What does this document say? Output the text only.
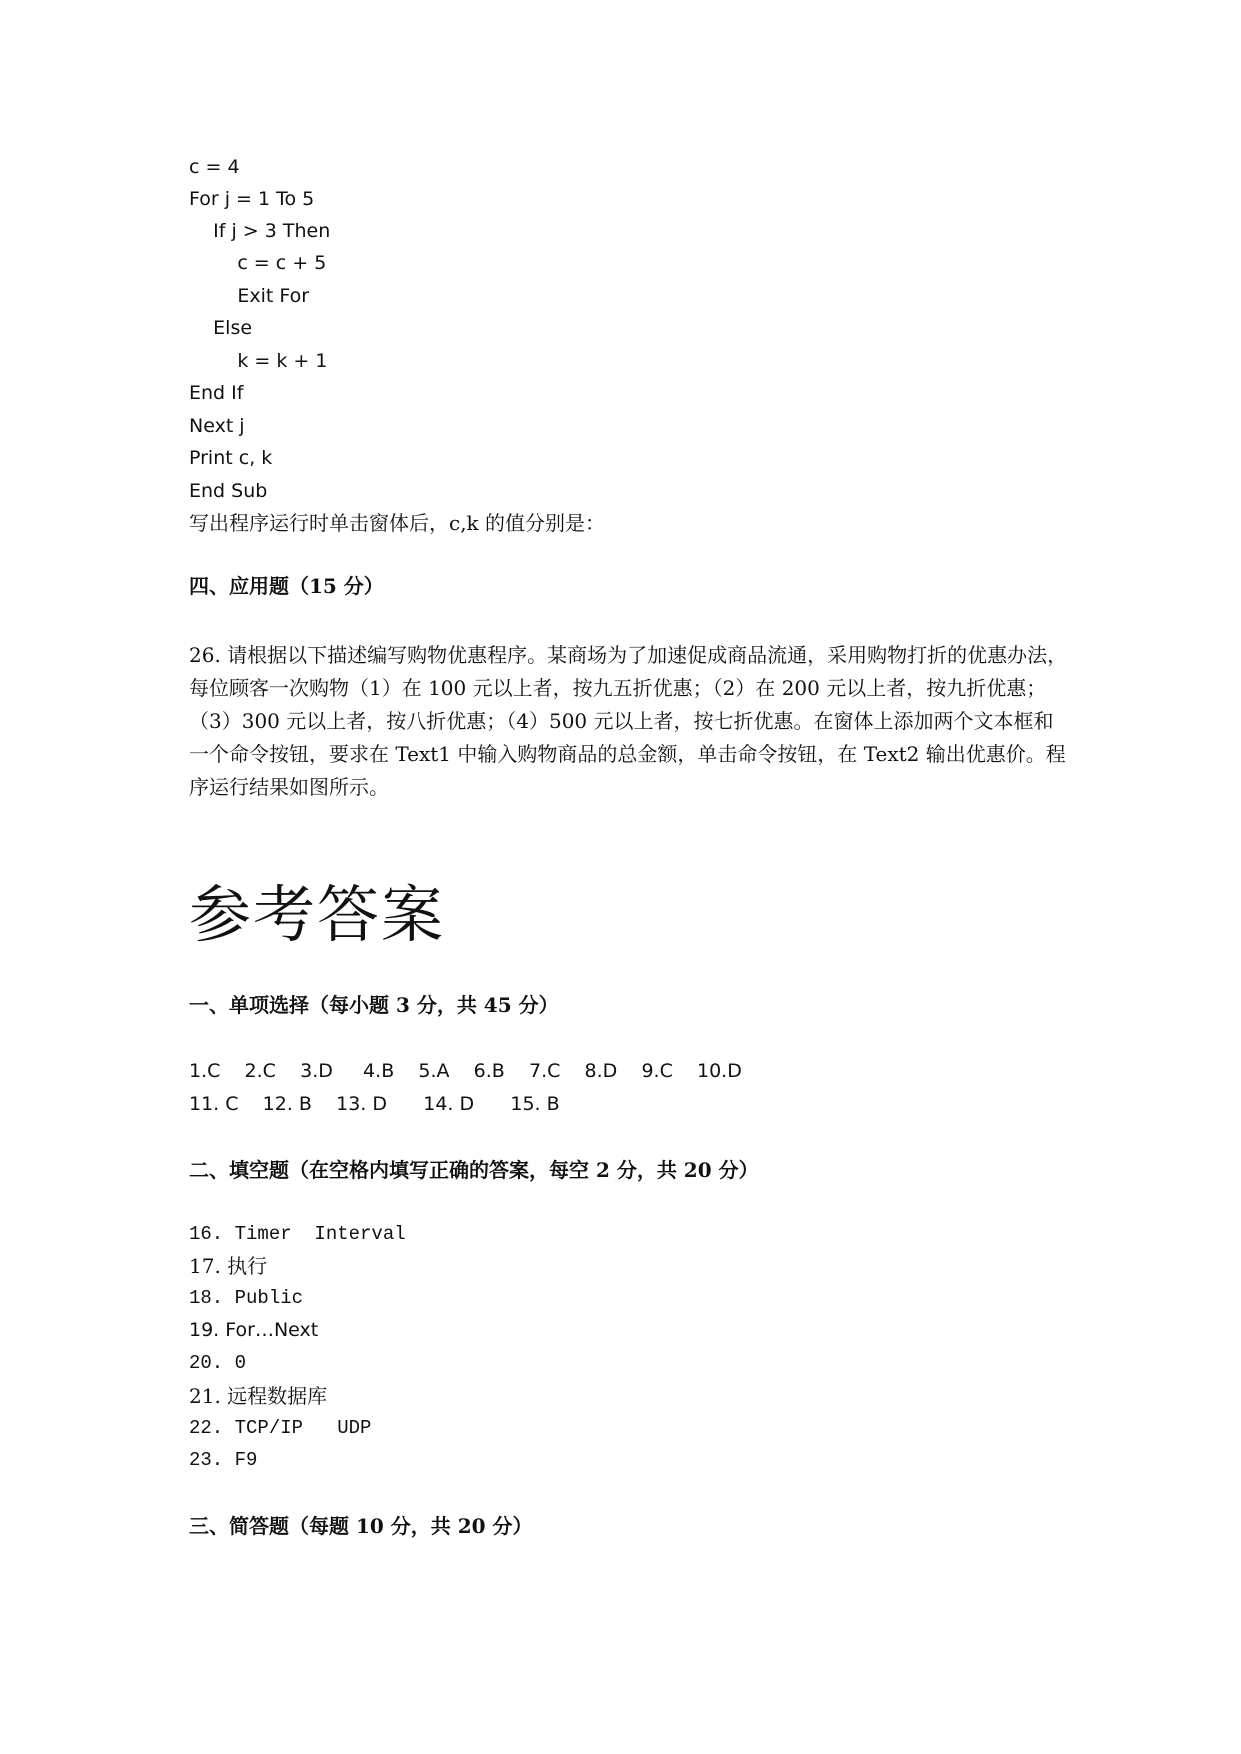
c = 4
For j = 1 To 5
If j > 3 Then
c = c + 5
Exit For
Else
k = k + 1
End If
Next j
Print c, k
End Sub
写出程序运行时单击窗体后，c,k 的值分别是：
四、应用题（15 分）

26. 请根据以下描述编写购物优惠程序。某商场为了加速促成商品流通，采用购物打折的优惠办法，每位顾客一次购物（1）在 100 元以上者，按九五折优惠；（2）在 200 元以上者，按九折优惠；（3）300 元以上者，按八折优惠；（4）500 元以上者，按七折优惠。在窗体上添加两个文本框和一个命令按钮，要求在 Text1 中输入购物商品的总金额，单击命令按钮，在 Text2 输出优惠价。程序运行结果如图所示。

参考答案
一、单项选择（每小题 3 分，共 45 分）
1.C    2.C    3.D     4.B    5.A    6.B    7.C    8.D    9.C    10.D
11. C    12. B    13. D      14. D      15. B
二、填空题（在空格内填写正确的答案，每空 2 分，共 20 分）
16. Timer  Interval
17. 执行
18. Public
19. For…Next
20. 0
21. 远程数据库
22. TCP/IP   UDP
23. F9
三、简答题（每题 10 分，共 20 分）
